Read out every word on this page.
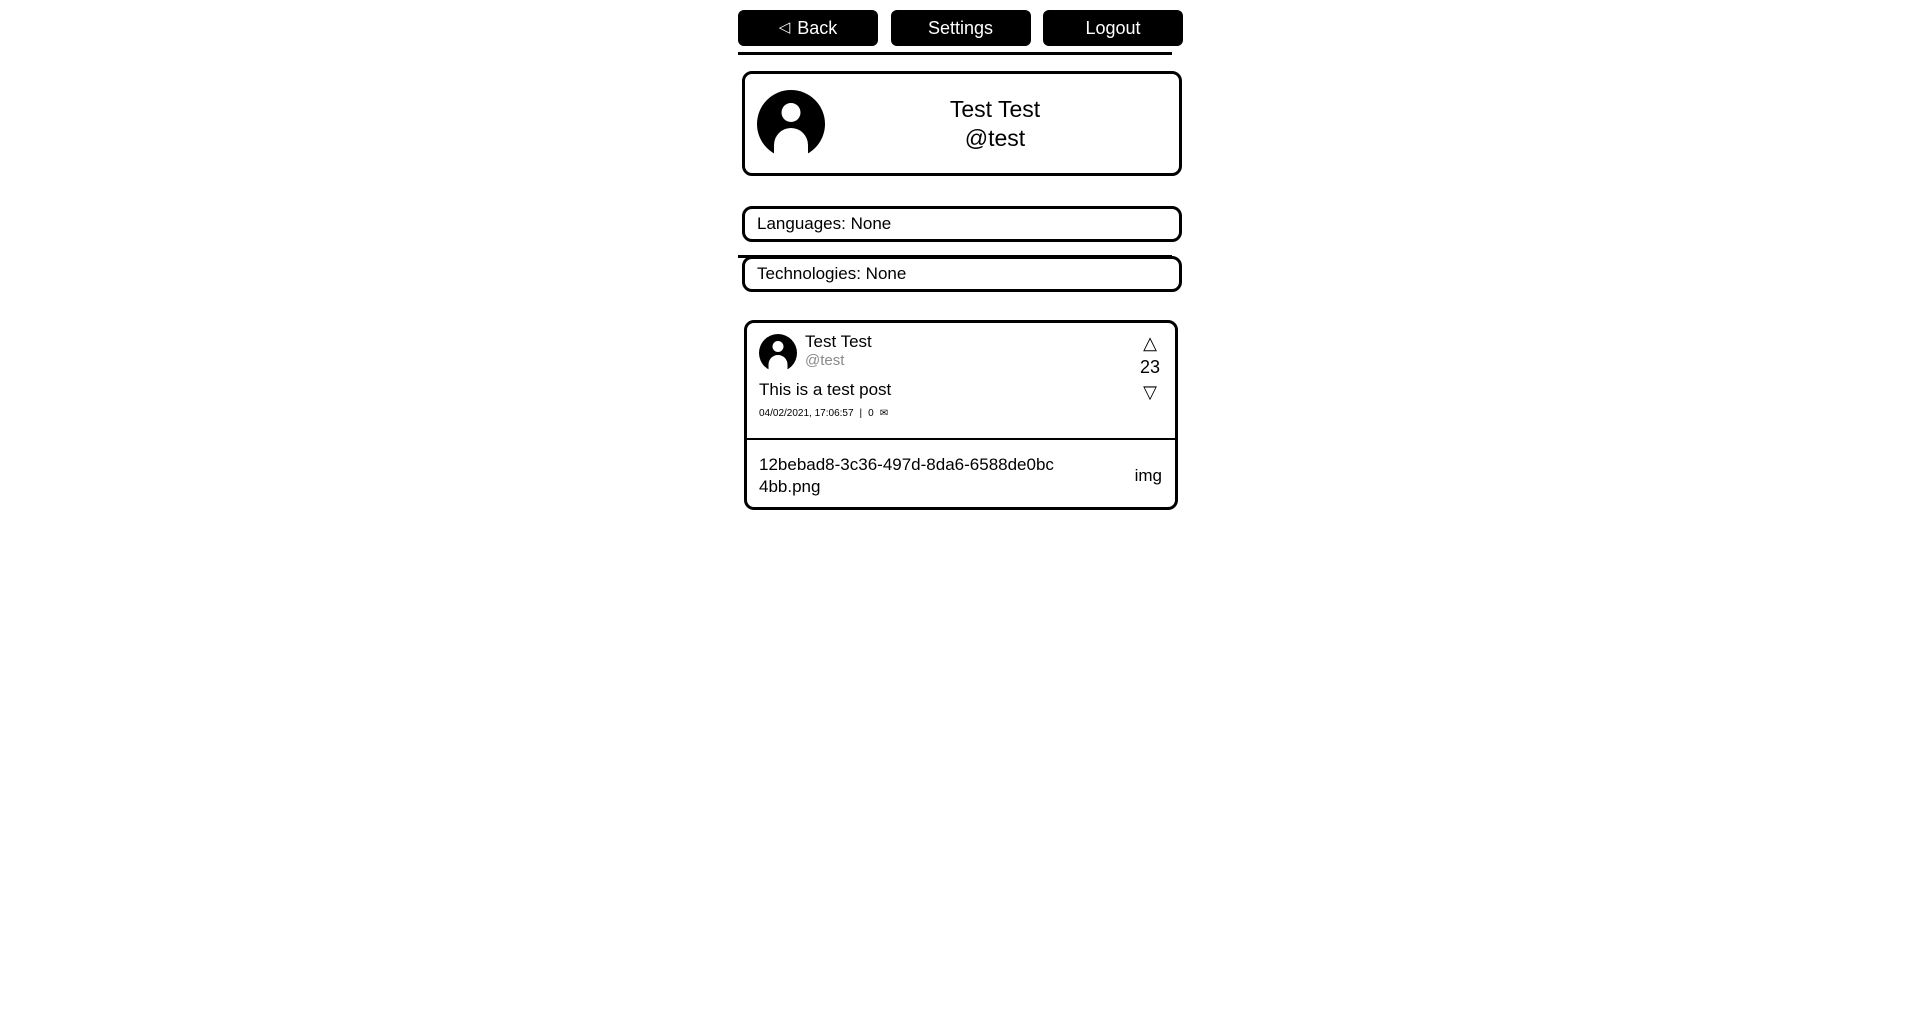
◁ Back	Settings	Logout
Test Test
@test
Languages: None
Technologies: None
Test Test
@test
This is a test post
04/02/2021, 17:06:57 | 0 ✉
△
23
▽
12bebad8-3c36-497d-8da6-6588de0bc4bb.png
img
